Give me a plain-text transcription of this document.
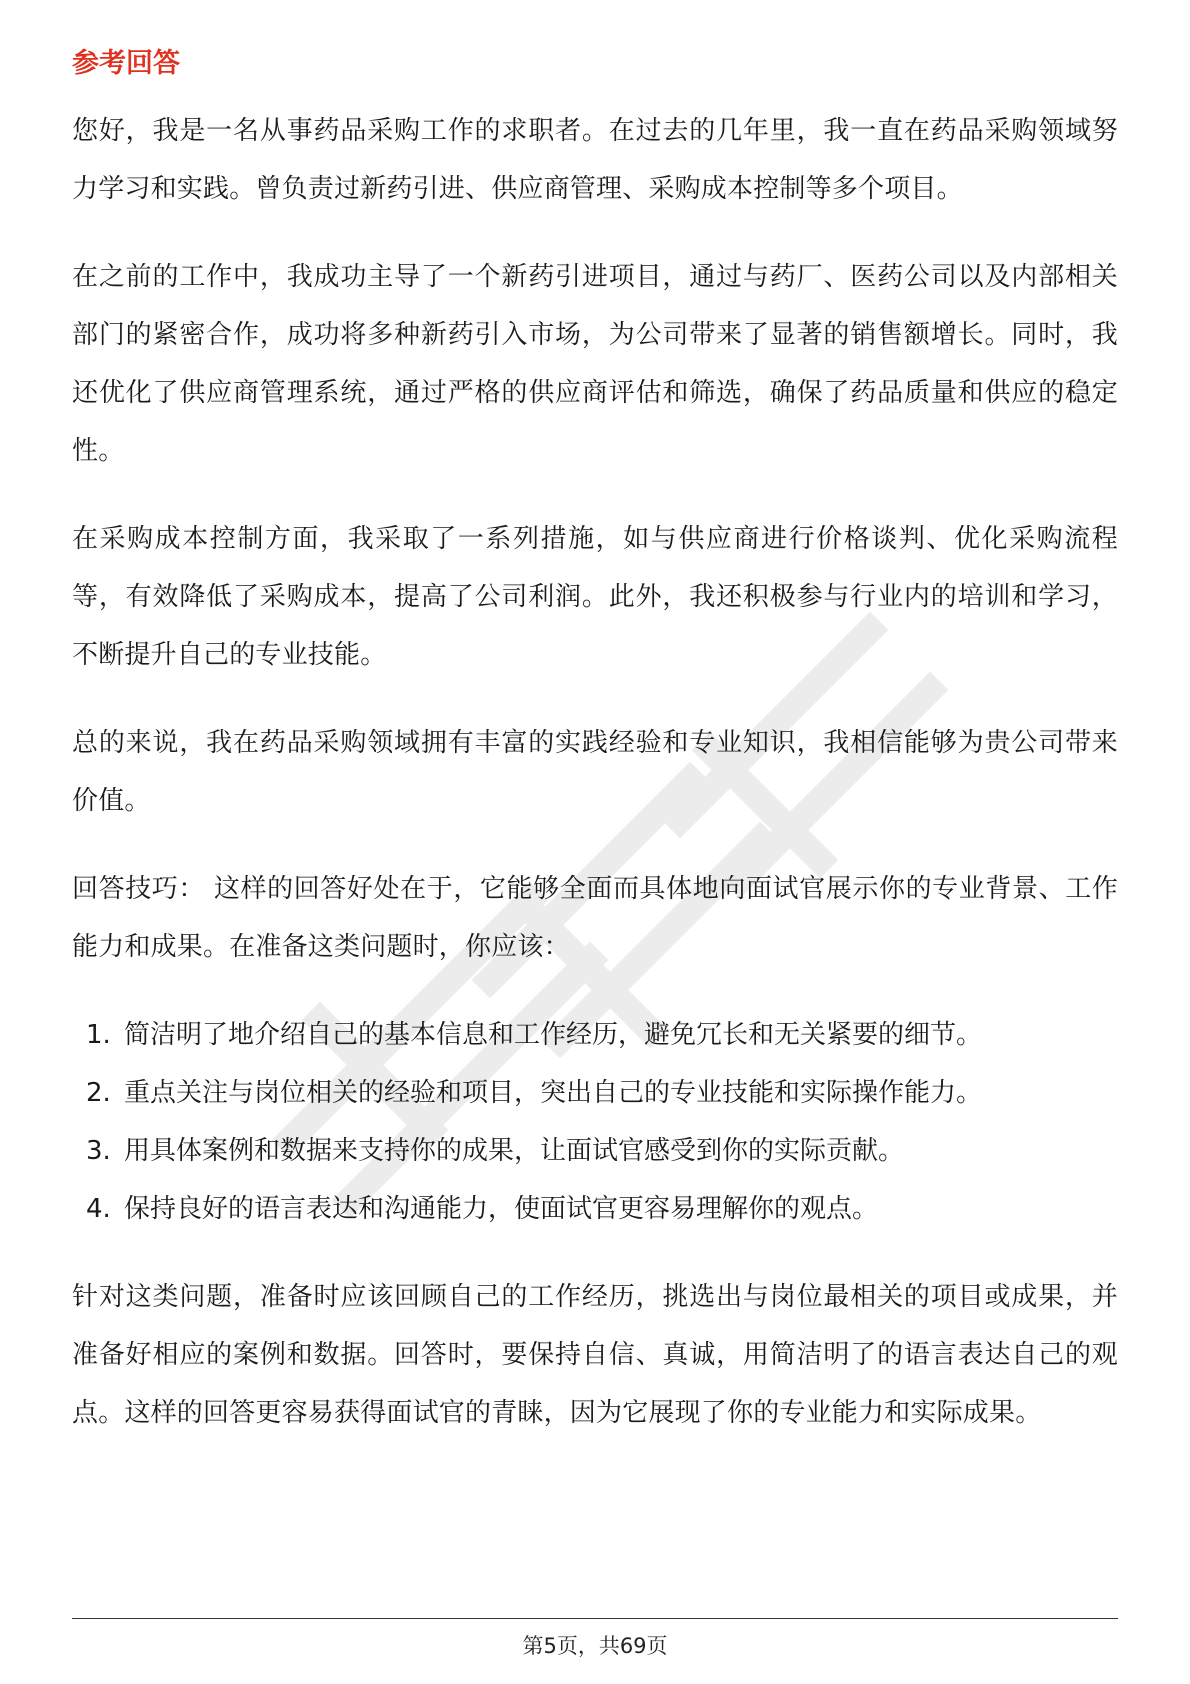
参考回答

您好，我是一名从事药品采购工作的求职者。在过去的几年里，我一直在药品采购领域努力学习和实践。曾负责过新药引进、供应商管理、采购成本控制等多个项目。

在之前的工作中，我成功主导了一个新药引进项目，通过与药厂、医药公司以及内部相关部门的紧密合作，成功将多种新药引入市场，为公司带来了显著的销售额增长。同时，我还优化了供应商管理系统，通过严格的供应商评估和筛选，确保了药品质量和供应的稳定性。

在采购成本控制方面，我采取了一系列措施，如与供应商进行价格谈判、优化采购流程等，有效降低了采购成本，提高了公司利润。此外，我还积极参与行业内的培训和学习，不断提升自己的专业技能。

总的来说，我在药品采购领域拥有丰富的实践经验和专业知识，我相信能够为贵公司带来价值。

回答技巧： 这样的回答好处在于，它能够全面而具体地向面试官展示你的专业背景、工作能力和成果。在准备这类问题时，你应该：

1. 简洁明了地介绍自己的基本信息和工作经历，避免冗长和无关紧要的细节。
2. 重点关注与岗位相关的经验和项目，突出自己的专业技能和实际操作能力。
3. 用具体案例和数据来支持你的成果，让面试官感受到你的实际贡献。
4. 保持良好的语言表达和沟通能力，使面试官更容易理解你的观点。

针对这类问题，准备时应该回顾自己的工作经历，挑选出与岗位最相关的项目或成果，并准备好相应的案例和数据。回答时，要保持自信、真诚，用简洁明了的语言表达自己的观点。这样的回答更容易获得面试官的青睐，因为它展现了你的专业能力和实际成果。

第5页，共69页
